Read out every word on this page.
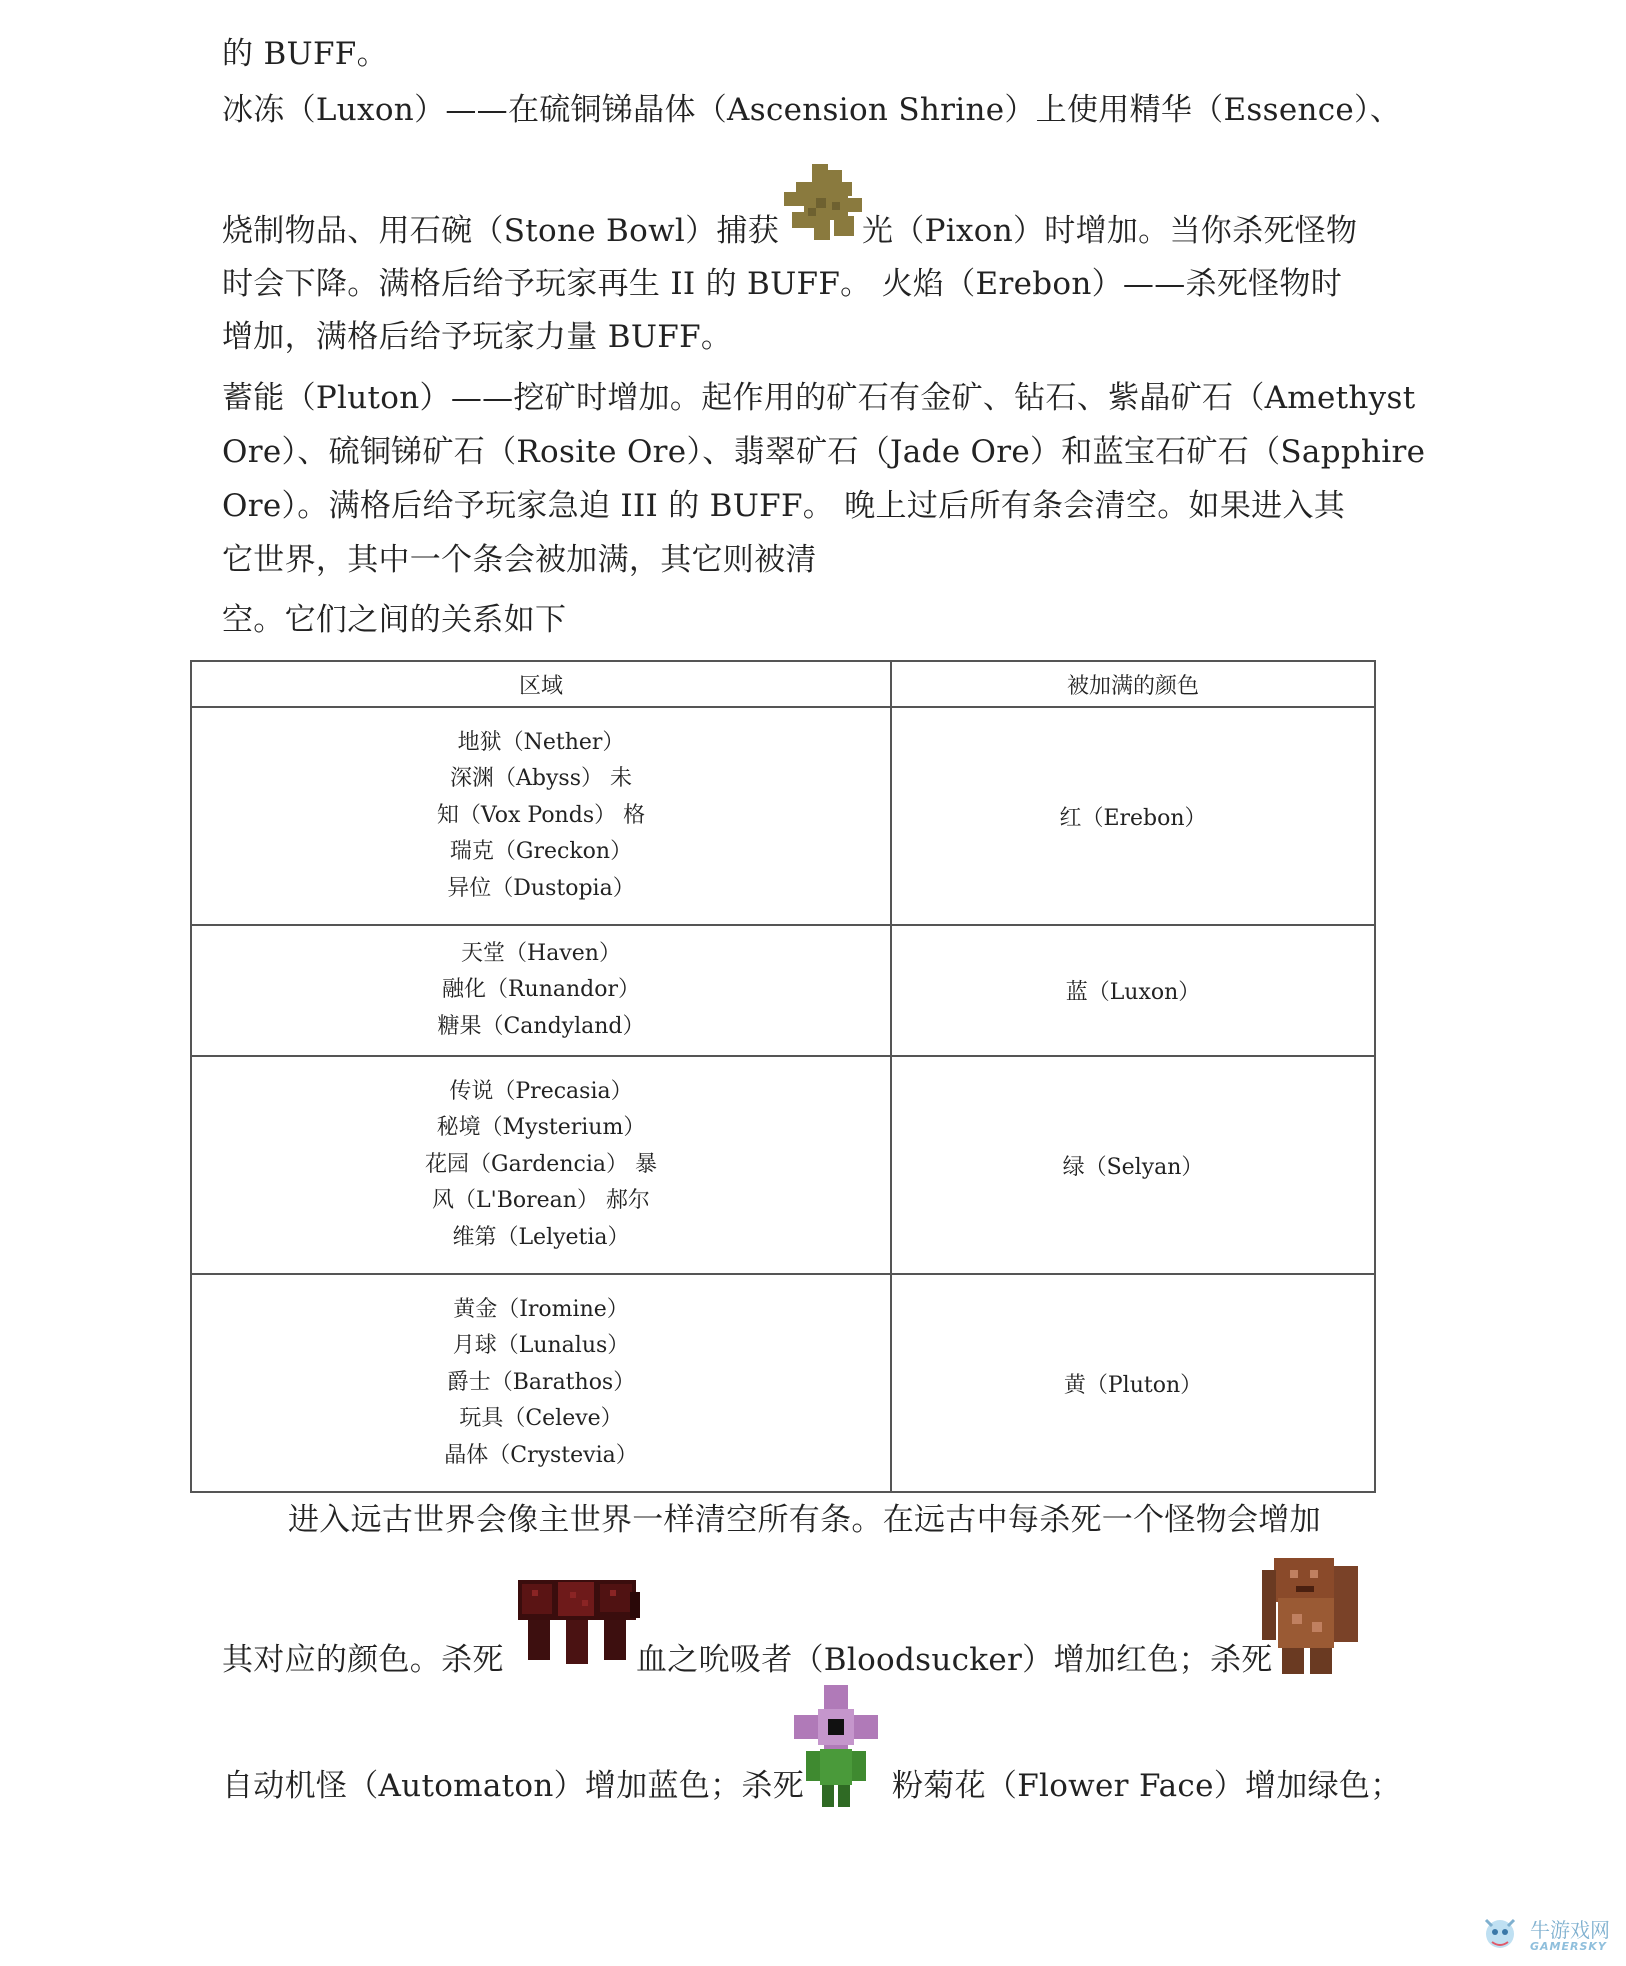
的 BUFF。
冰冻（Luxon）——在硫铜锑晶体（Ascension Shrine）上使用精华（Essence）、
烧制物品、用石碗（Stone Bowl）捕获	光（Pixon）时增加。当你杀死怪物
时会下降。满格后给予玩家再生 II 的 BUFF。 火焰（Erebon）——杀死怪物时
增加，满格后给予玩家力量 BUFF。
蓄能（Pluton）——挖矿时增加。起作用的矿石有金矿、钻石、紫晶矿石（Amethyst
Ore）、硫铜锑矿石（Rosite Ore）、翡翠矿石（Jade Ore）和蓝宝石矿石（Sapphire
Ore）。满格后给予玩家急迫 III 的 BUFF。 晚上过后所有条会清空。如果进入其
它世界，其中一个条会被加满，其它则被清
空。它们之间的关系如下
区域	被加满的颜色

地狱（Nether）
深渊（Abyss） 未
知（Vox Ponds） 格
瑞克（Greckon）
异位（Dustopia）	红（Erebon）

天堂（Haven）
融化（Runandor）
糖果（Candyland）	蓝（Luxon）

传说（Precasia）
秘境（Mysterium）
花园（Gardencia） 暴
风（L'Borean） 郝尔
维第（Lelyetia）	绿（Selyan）

黄金（Iromine）
月球（Lunalus）
爵士（Barathos）
玩具（Celeve）
晶体（Crystevia）	黄（Pluton）
进入远古世界会像主世界一样清空所有条。在远古中每杀死一个怪物会增加
其对应的颜色。杀死	血之吮吸者（Bloodsucker）增加红色；杀死
自动机怪（Automaton）增加蓝色；杀死	粉菊花（Flower Face）增加绿色；
牛游戏网
GAMERSKY
